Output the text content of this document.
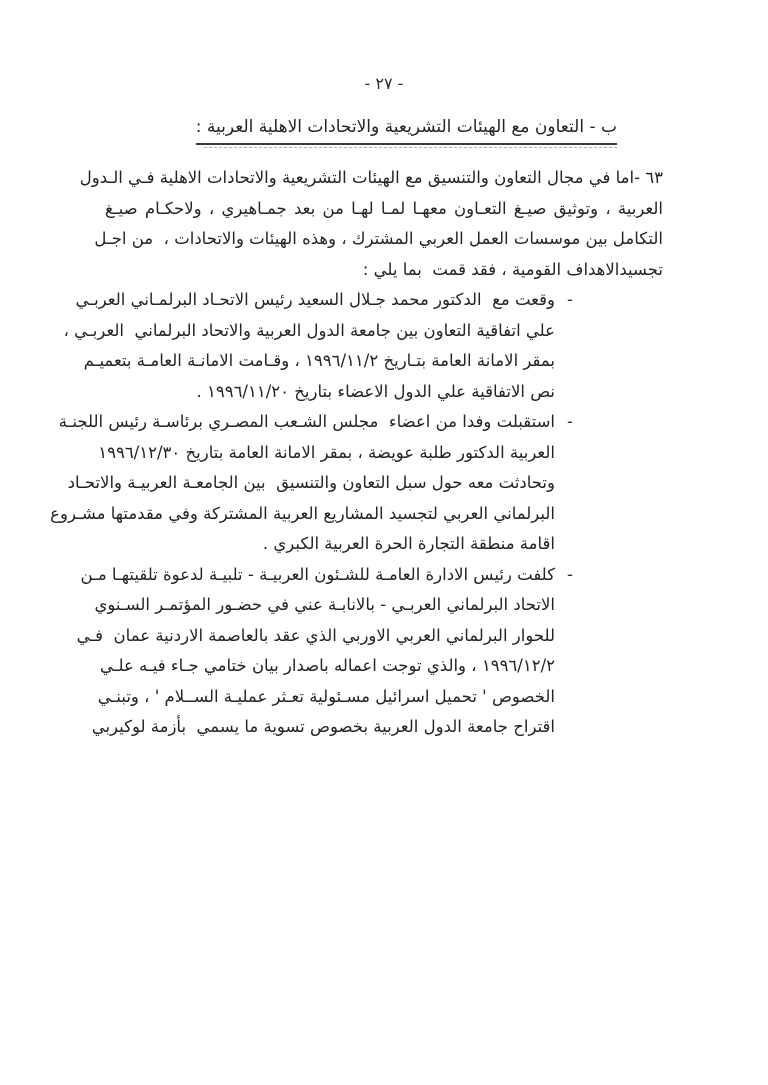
- ٢٧ -
ب - التعاون مع الهيئات التشريعية والاتحادات الاهلية العربية :
٦٣ -اما في مجال التعاون والتنسيق مع الهيئات التشريعية والاتحادات الاهلية فـي الـدول
العربية ، وتوثيق صيـغ التعـاون معهـا لمـا لهـا من بعد جمـاهيري ، ولاحكـام صيـغ
التكامل بين موسسات العمل العربي المشترك ، وهذه الهيئات والاتحادات ،  من اجـل
تجسيدالاهداف القومية ، فقد قمت  بما يلي :
-
وقعت مع  الدكتور محمد جـلال السعيد رئيس الاتحـاد البرلمـاني العربـي
علي اتفاقية التعاون بين جامعة الدول العربية والاتحاد البرلماني  العربـي ،
بمقر الامانة العامة بتـاريخ ١٩٩٦/١١/٢ ، وقـامت الامانـة العامـة بتعميـم
نص الاتفاقية علي الدول الاعضاء بتاريخ ١٩٩٦/١١/٢٠ .
-
استقبلت وفدا من اعضاء  مجلس الشـعب المصـري برئاسـة رئيس اللجنـة
العربية الدكتور طلبة عويضة ، بمقر الامانة العامة بتاريخ ١٩٩٦/١٢/٣٠
وتحادثت معه حول سبل التعاون والتنسيق  بين الجامعـة العربيـة والاتحـاد
البرلماني العربي لتجسيد المشاريع العربية المشتركة وفي مقدمتها مشـروع
اقامة منطقة التجارة الحرة العربية الكبري .
-
كلفت رئيس الادارة العامـة للشـئون العربيـة - تلبيـة لدعوة تلقيتهـا مـن
الاتحاد البرلماني العربـي - بالانابـة عني في حضـور المؤتمـر السـنوي
للحوار البرلماني العربي الاوربي الذي عقد بالعاصمة الاردنية عمان  فـي
١٩٩٦/١٢/٢ ، والذي توجت اعماله باصدار بيان ختامي جـاء فيـه علـي
الخصوص ' تحميل اسرائيل مسـئولية تعـثر عمليـة الســلام ' ، وتبنـي
اقتراح جامعة الدول العربية بخصوص تسوية ما يسمي  بأزمة لوكيربي
